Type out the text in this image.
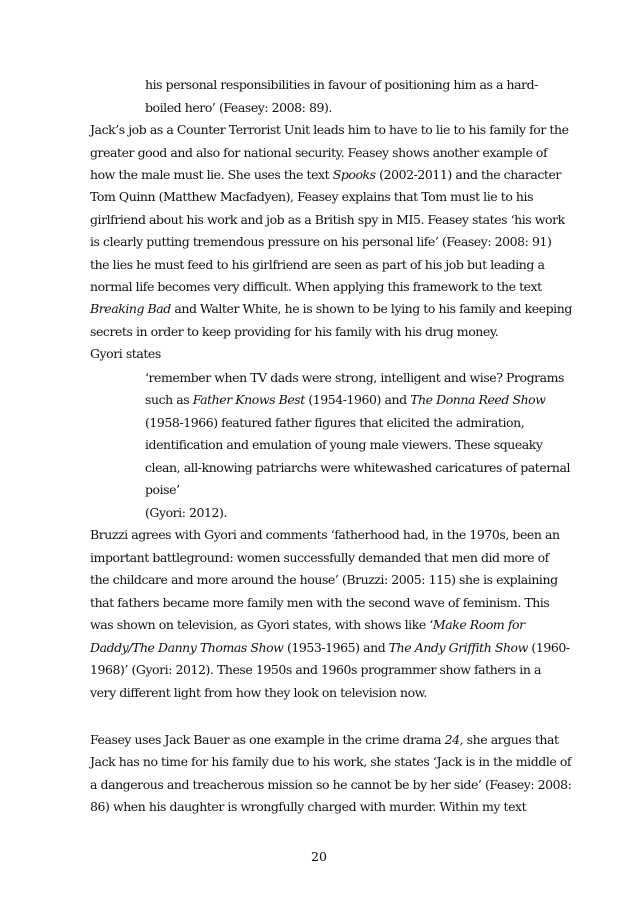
his personal responsibilities in favour of positioning him as a hard-

boiled hero’ (Feasey: 2008: 89).

Jack’s job as a Counter Terrorist Unit leads him to have to lie to his family for the

greater good and also for national security. Feasey shows another example of

how the male must lie. She uses the text Spooks (2002-2011) and the character

Tom Quinn (Matthew Macfadyen), Feasey explains that Tom must lie to his

girlfriend about his work and job as a British spy in MI5. Feasey states ‘his work

is clearly putting tremendous pressure on his personal life’ (Feasey: 2008: 91)

the lies he must feed to his girlfriend are seen as part of his job but leading a

normal life becomes very difficult. When applying this framework to the text

Breaking Bad and Walter White, he is shown to be lying to his family and keeping

secrets in order to keep providing for his family with his drug money.

Gyori states

‘remember when TV dads were strong, intelligent and wise? Programs

such as Father Knows Best (1954-1960) and The Donna Reed Show

(1958-1966) featured father figures that elicited the admiration,

identification and emulation of young male viewers. These squeaky

clean, all-knowing patriarchs were whitewashed caricatures of paternal

poise’

(Gyori: 2012).

Bruzzi agrees with Gyori and comments ‘fatherhood had, in the 1970s, been an

important battleground: women successfully demanded that men did more of

the childcare and more around the house’ (Bruzzi: 2005: 115) she is explaining

that fathers became more family men with the second wave of feminism. This

was shown on television, as Gyori states, with shows like ‘Make Room for

Daddy/The Danny Thomas Show (1953-1965) and The Andy Griffith Show (1960-

1968)’ (Gyori: 2012). These 1950s and 1960s programmer show fathers in a

very different light from how they look on television now.

Feasey uses Jack Bauer as one example in the crime drama 24, she argues that

Jack has no time for his family due to his work, she states ‘Jack is in the middle of

a dangerous and treacherous mission so he cannot be by her side’ (Feasey: 2008:

86) when his daughter is wrongfully charged with murder. Within my text

20
